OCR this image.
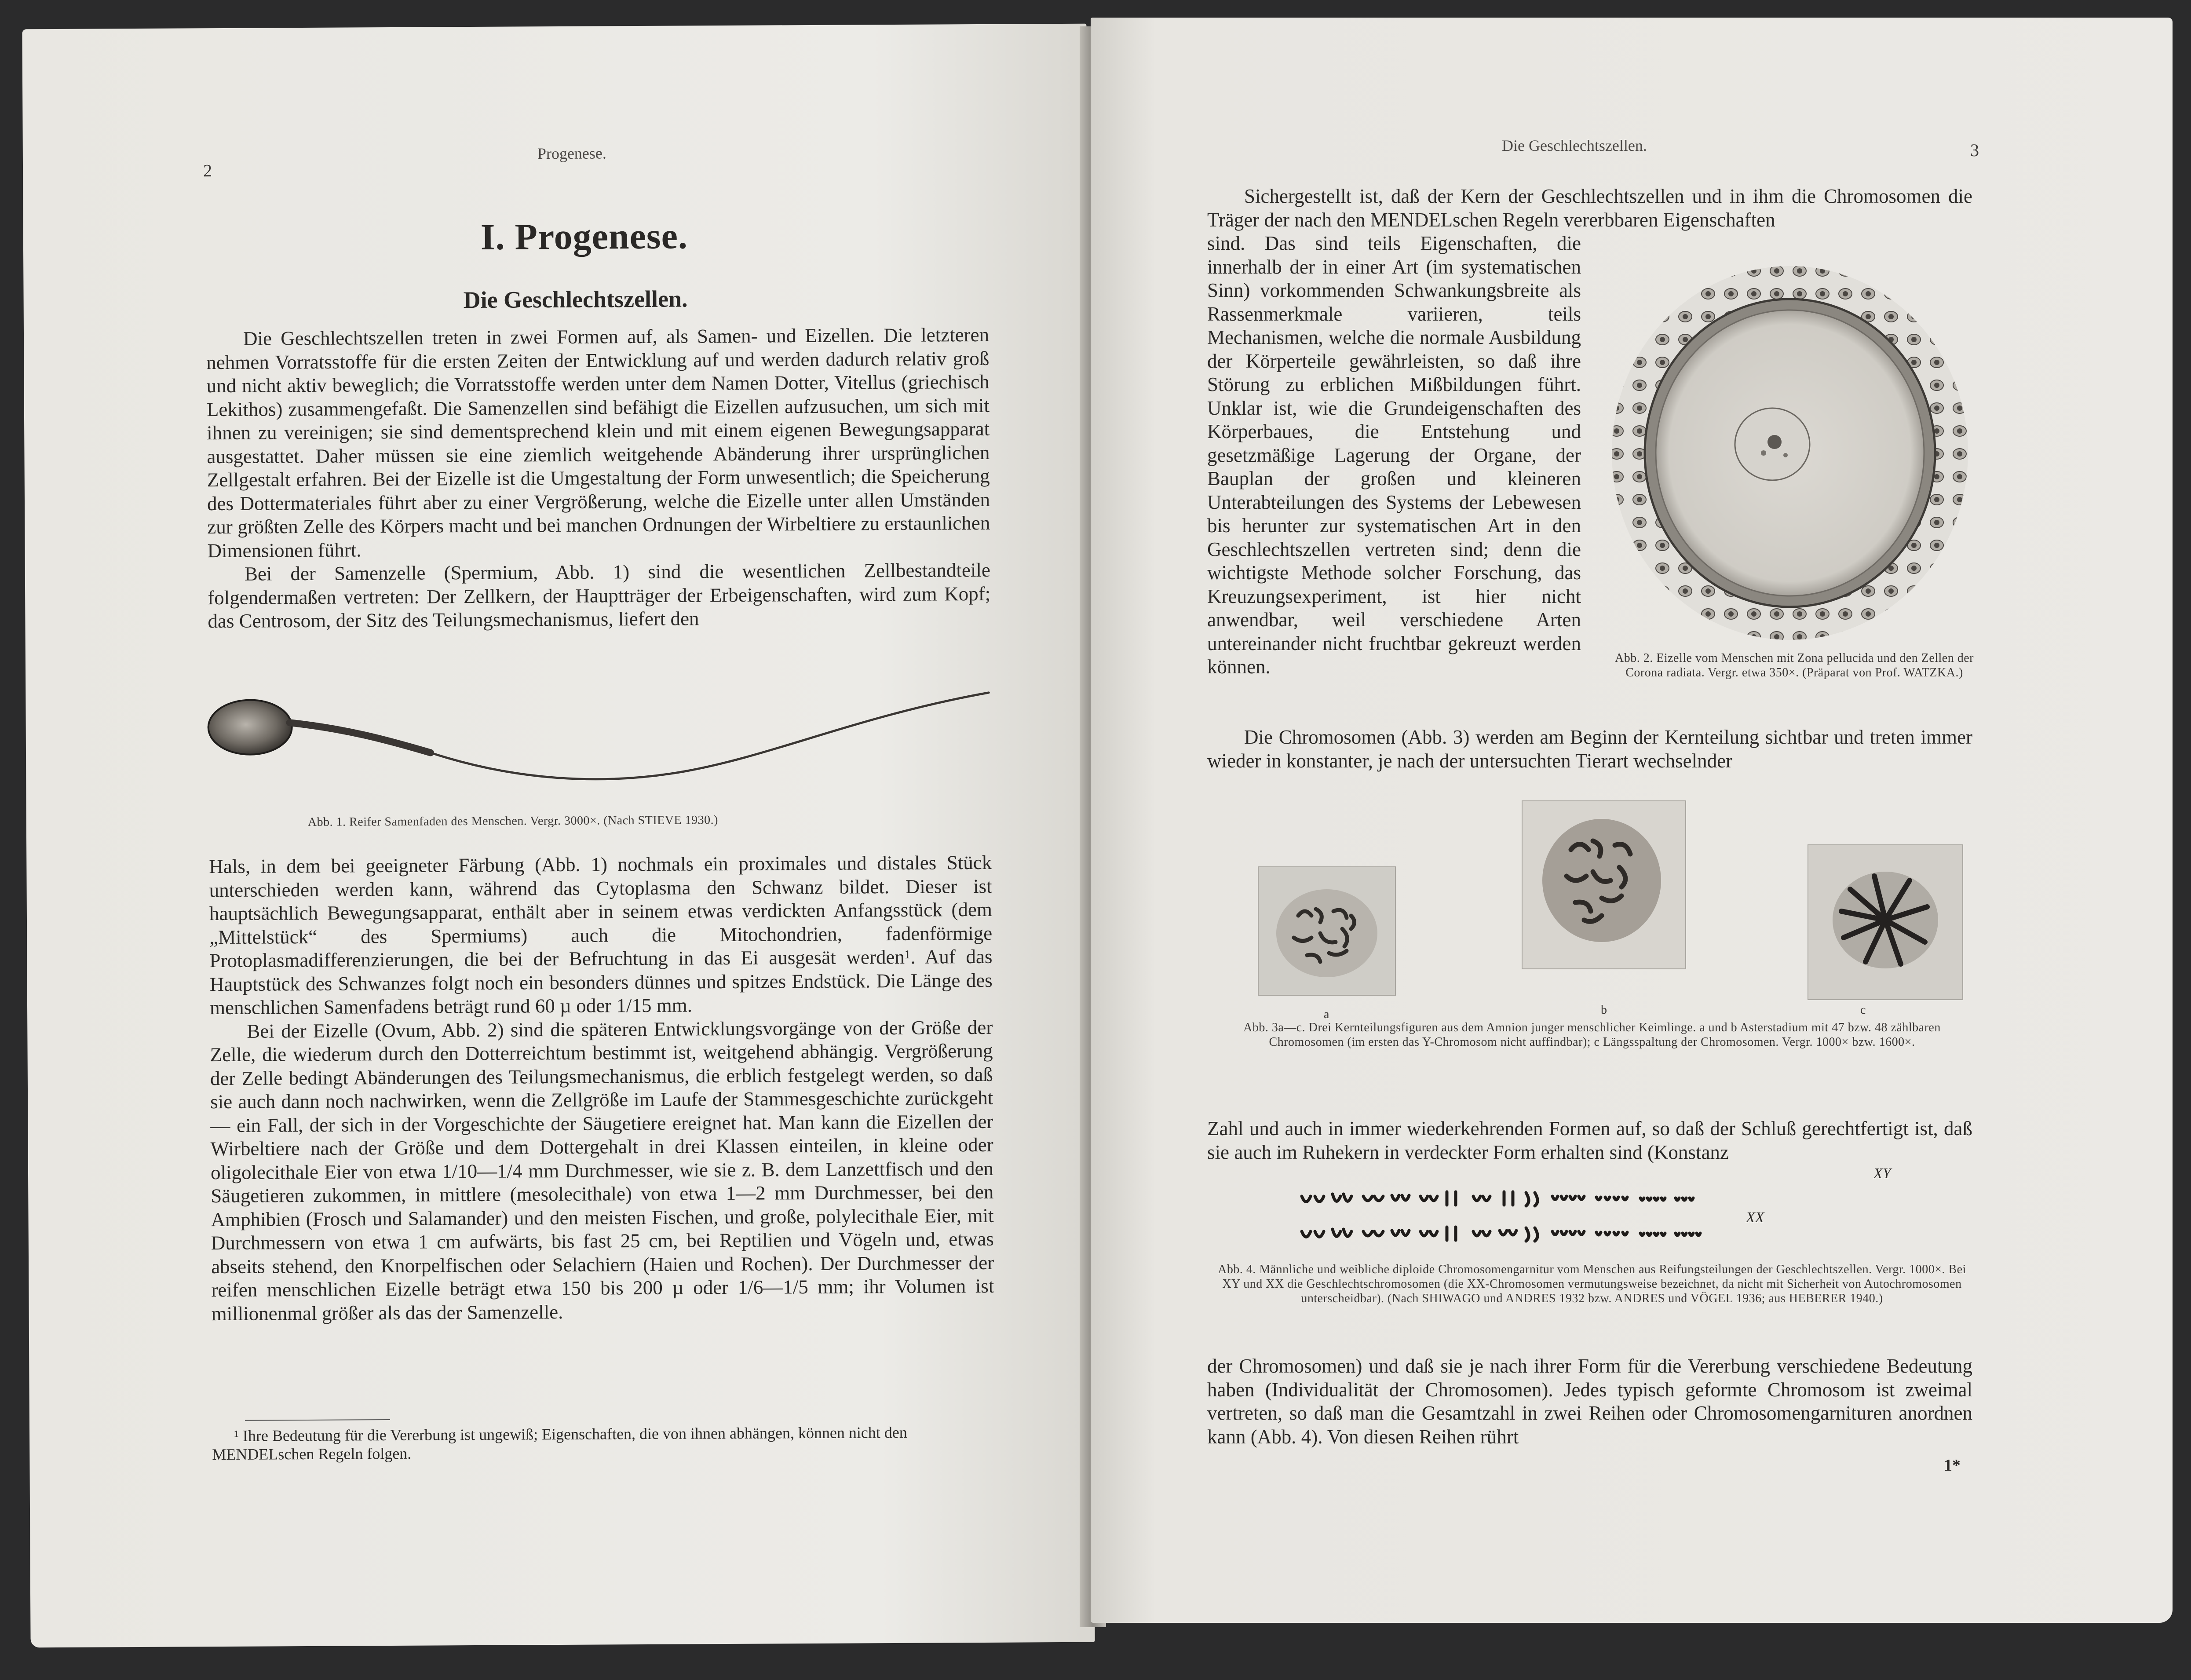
2
Progenese.
I. Progenese.
Die Geschlechtszellen.

Die Geschlechtszellen treten in zwei Formen auf, als Samen- und Eizellen. Die letzteren nehmen Vorratsstoffe für die ersten Zeiten der Entwicklung auf und werden dadurch relativ groß und nicht aktiv beweglich; die Vorratsstoffe werden unter dem Namen Dotter, Vitellus (griechisch Lekithos) zusammengefaßt. Die Samenzellen sind befähigt die Eizellen aufzusuchen, um sich mit ihnen zu vereinigen; sie sind dementsprechend klein und mit einem eigenen Bewegungsapparat ausgestattet. Daher müssen sie eine ziemlich weitgehende Abänderung ihrer ursprünglichen Zellgestalt erfahren. Bei der Eizelle ist die Umgestaltung der Form unwesentlich; die Speicherung des Dottermateriales führt aber zu einer Vergrößerung, welche die Eizelle unter allen Umständen zur größten Zelle des Körpers macht und bei manchen Ordnungen der Wirbeltiere zu erstaunlichen Dimensionen führt.

Bei der Samenzelle (Spermium, Abb. 1) sind die wesentlichen Zellbestandteile folgendermaßen vertreten: Der Zellkern, der Hauptträger der Erbeigenschaften, wird zum Kopf; das Centrosom, der Sitz des Teilungsmechanismus, liefert den

Abb. 1. Reifer Samenfaden des Menschen. Vergr. 3000×. (Nach STIEVE 1930.)

Hals, in dem bei geeigneter Färbung (Abb. 1) nochmals ein proximales und distales Stück unterschieden werden kann, während das Cytoplasma den Schwanz bildet. Dieser ist hauptsächlich Bewegungsapparat, enthält aber in seinem etwas verdickten Anfangsstück (dem „Mittelstück“ des Spermiums) auch die Mitochondrien, fadenförmige Protoplasmadifferenzierungen, die bei der Befruchtung in das Ei ausgesät werden¹. Auf das Hauptstück des Schwanzes folgt noch ein besonders dünnes und spitzes Endstück. Die Länge des menschlichen Samenfadens beträgt rund 60 µ oder 1/15 mm.

Bei der Eizelle (Ovum, Abb. 2) sind die späteren Entwicklungsvorgänge von der Größe der Zelle, die wiederum durch den Dotterreichtum bestimmt ist, weitgehend abhängig. Vergrößerung der Zelle bedingt Abänderungen des Teilungsmechanismus, die erblich festgelegt werden, so daß sie auch dann noch nachwirken, wenn die Zellgröße im Laufe der Stammesgeschichte zurückgeht — ein Fall, der sich in der Vorgeschichte der Säugetiere ereignet hat. Man kann die Eizellen der Wirbeltiere nach der Größe und dem Dottergehalt in drei Klassen einteilen, in kleine oder oligolecithale Eier von etwa 1/10—1/4 mm Durchmesser, wie sie z. B. dem Lanzettfisch und den Säugetieren zukommen, in mittlere (mesolecithale) von etwa 1—2 mm Durchmesser, bei den Amphibien (Frosch und Salamander) und den meisten Fischen, und große, polylecithale Eier, mit Durchmessern von etwa 1 cm aufwärts, bis fast 25 cm, bei Reptilien und Vögeln und, etwas abseits stehend, den Knorpelfischen oder Selachiern (Haien und Rochen). Der Durchmesser der reifen menschlichen Eizelle beträgt etwa 150 bis 200 µ oder 1/6—1/5 mm; ihr Volumen ist millionenmal größer als das der Samenzelle.

¹ Ihre Bedeutung für die Vererbung ist ungewiß; Eigenschaften, die von ihnen abhängen, können nicht den MENDELschen Regeln folgen.

Die Geschlechtszellen.	3

Sichergestellt ist, daß der Kern der Geschlechtszellen und in ihm die Chromosomen die Träger der nach den MENDELschen Regeln vererbbaren Eigenschaften

sind. Das sind teils Eigenschaften, die innerhalb der in einer Art (im systematischen Sinn) vorkommenden Schwankungsbreite als Rassenmerkmale variieren, teils Mechanismen, welche die normale Ausbildung der Körperteile gewährleisten, so daß ihre Störung zu erblichen Mißbildungen führt. Unklar ist, wie die Grundeigenschaften des Körperbaues, die Entstehung und gesetzmäßige Lagerung der Organe, der Bauplan der großen und kleineren Unterabteilungen des Systems der Lebewesen bis herunter zur systematischen Art in den Geschlechtszellen vertreten sind; denn die wichtigste Methode solcher Forschung, das Kreuzungsexperiment, ist hier nicht anwendbar, weil verschiedene Arten untereinander nicht fruchtbar gekreuzt werden können.	Abb. 2. Eizelle vom Menschen mit Zona pellucida und den Zellen der Corona radiata. Vergr. etwa 350×. (Präparat von Prof. WATZKA.)

Die Chromosomen (Abb. 3) werden am Beginn der Kernteilung sichtbar und treten immer wieder in konstanter, je nach der untersuchten Tierart wechselnder

a	b	c
Abb. 3a—c. Drei Kernteilungsfiguren aus dem Amnion junger menschlicher Keimlinge. a und b Asterstadium mit 47 bzw. 48 zählbaren Chromosomen (im ersten das Y-Chromosom nicht auffindbar); c Längsspaltung der Chromosomen. Vergr. 1000× bzw. 1600×.

Zahl und auch in immer wiederkehrenden Formen auf, so daß der Schluß gerechtfertigt ist, daß sie auch im Ruhekern in verdeckter Form erhalten sind (Konstanz

XY
XX
Abb. 4. Männliche und weibliche diploide Chromosomengarnitur vom Menschen aus Reifungsteilungen der Geschlechtszellen. Vergr. 1000×. Bei XY und XX die Geschlechtschromosomen (die XX-Chromosomen vermutungsweise bezeichnet, da nicht mit Sicherheit von Autochromosomen unterscheidbar). (Nach SHIWAGO und ANDRES 1932 bzw. ANDRES und VÖGEL 1936; aus HEBERER 1940.)

der Chromosomen) und daß sie je nach ihrer Form für die Vererbung verschiedene Bedeutung haben (Individualität der Chromosomen). Jedes typisch geformte Chromosom ist zweimal vertreten, so daß man die Gesamtzahl in zwei Reihen oder Chromosomengarnituren anordnen kann (Abb. 4). Von diesen Reihen rührt

1*
